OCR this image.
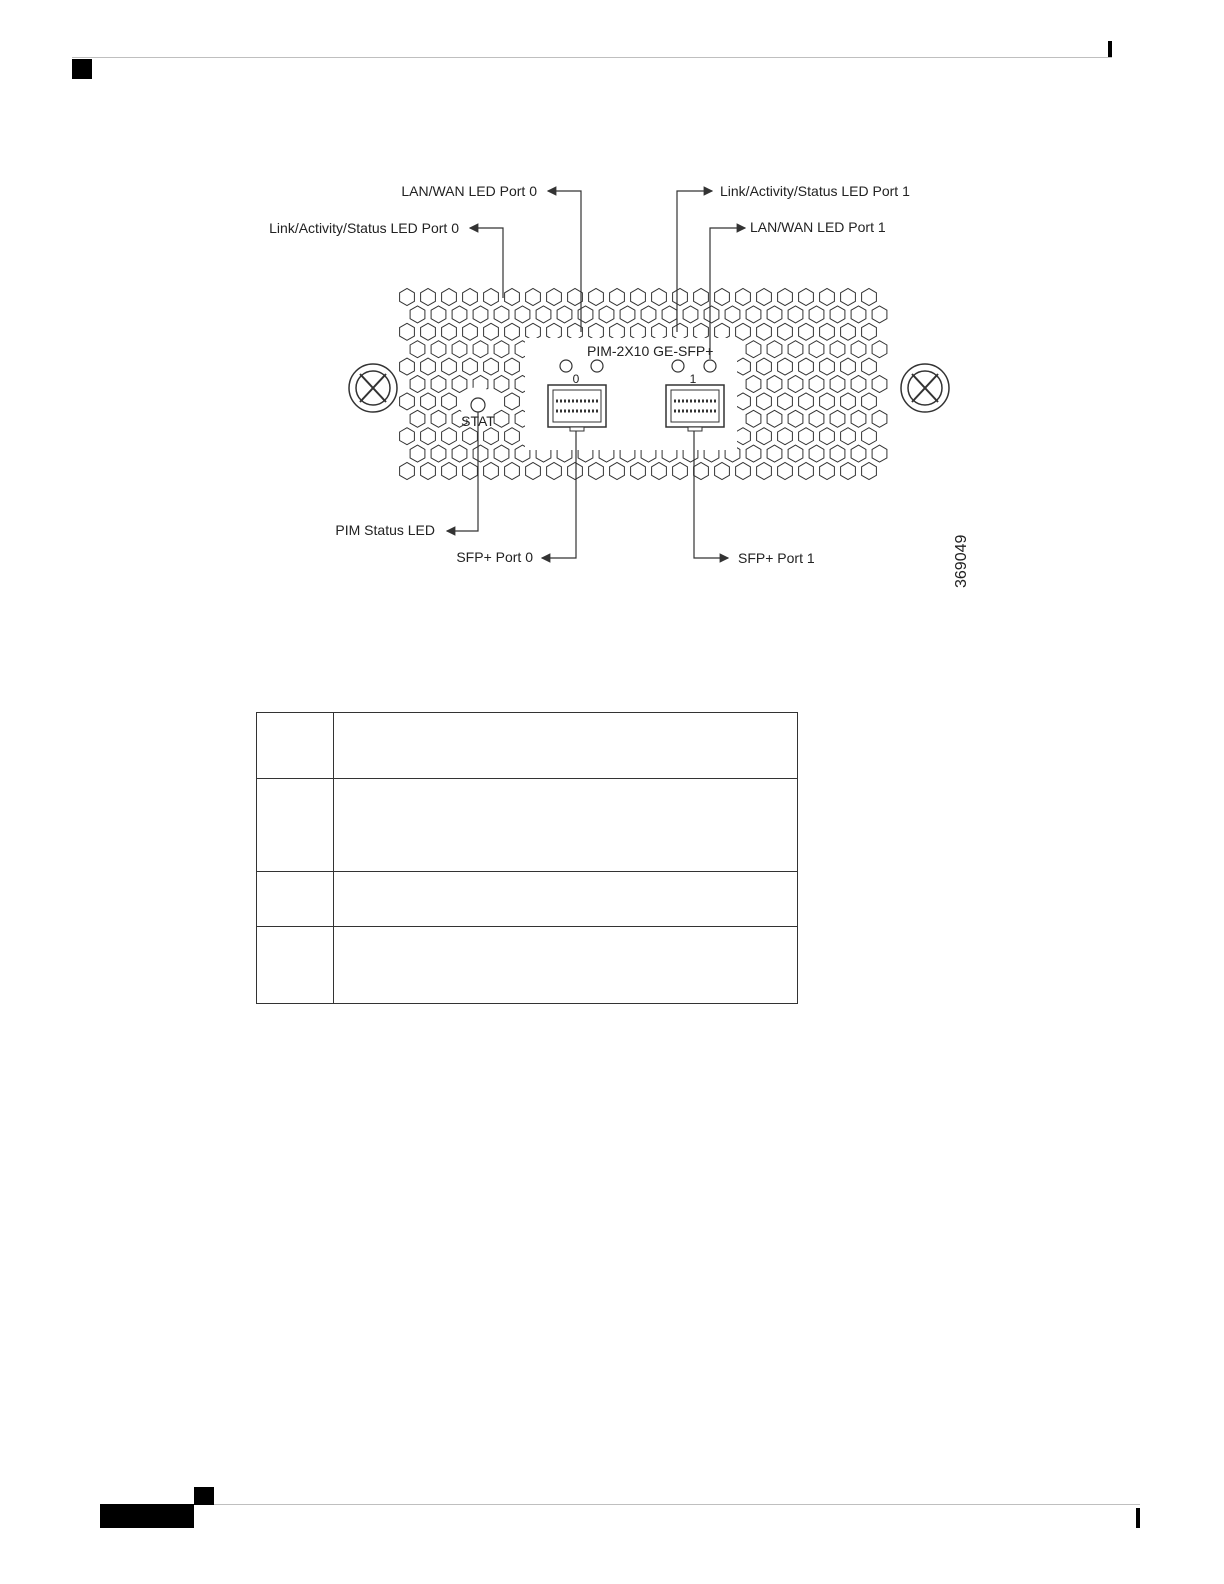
PIM-2X10 GE-SFP+
0	1
STAT
LAN/WAN LED Port 0
Link/Activity/Status LED Port 0
Link/Activity/Status LED Port 1
LAN/WAN LED Port 1
PIM Status LED
SFP+ Port 0	SFP+ Port 1	369049
